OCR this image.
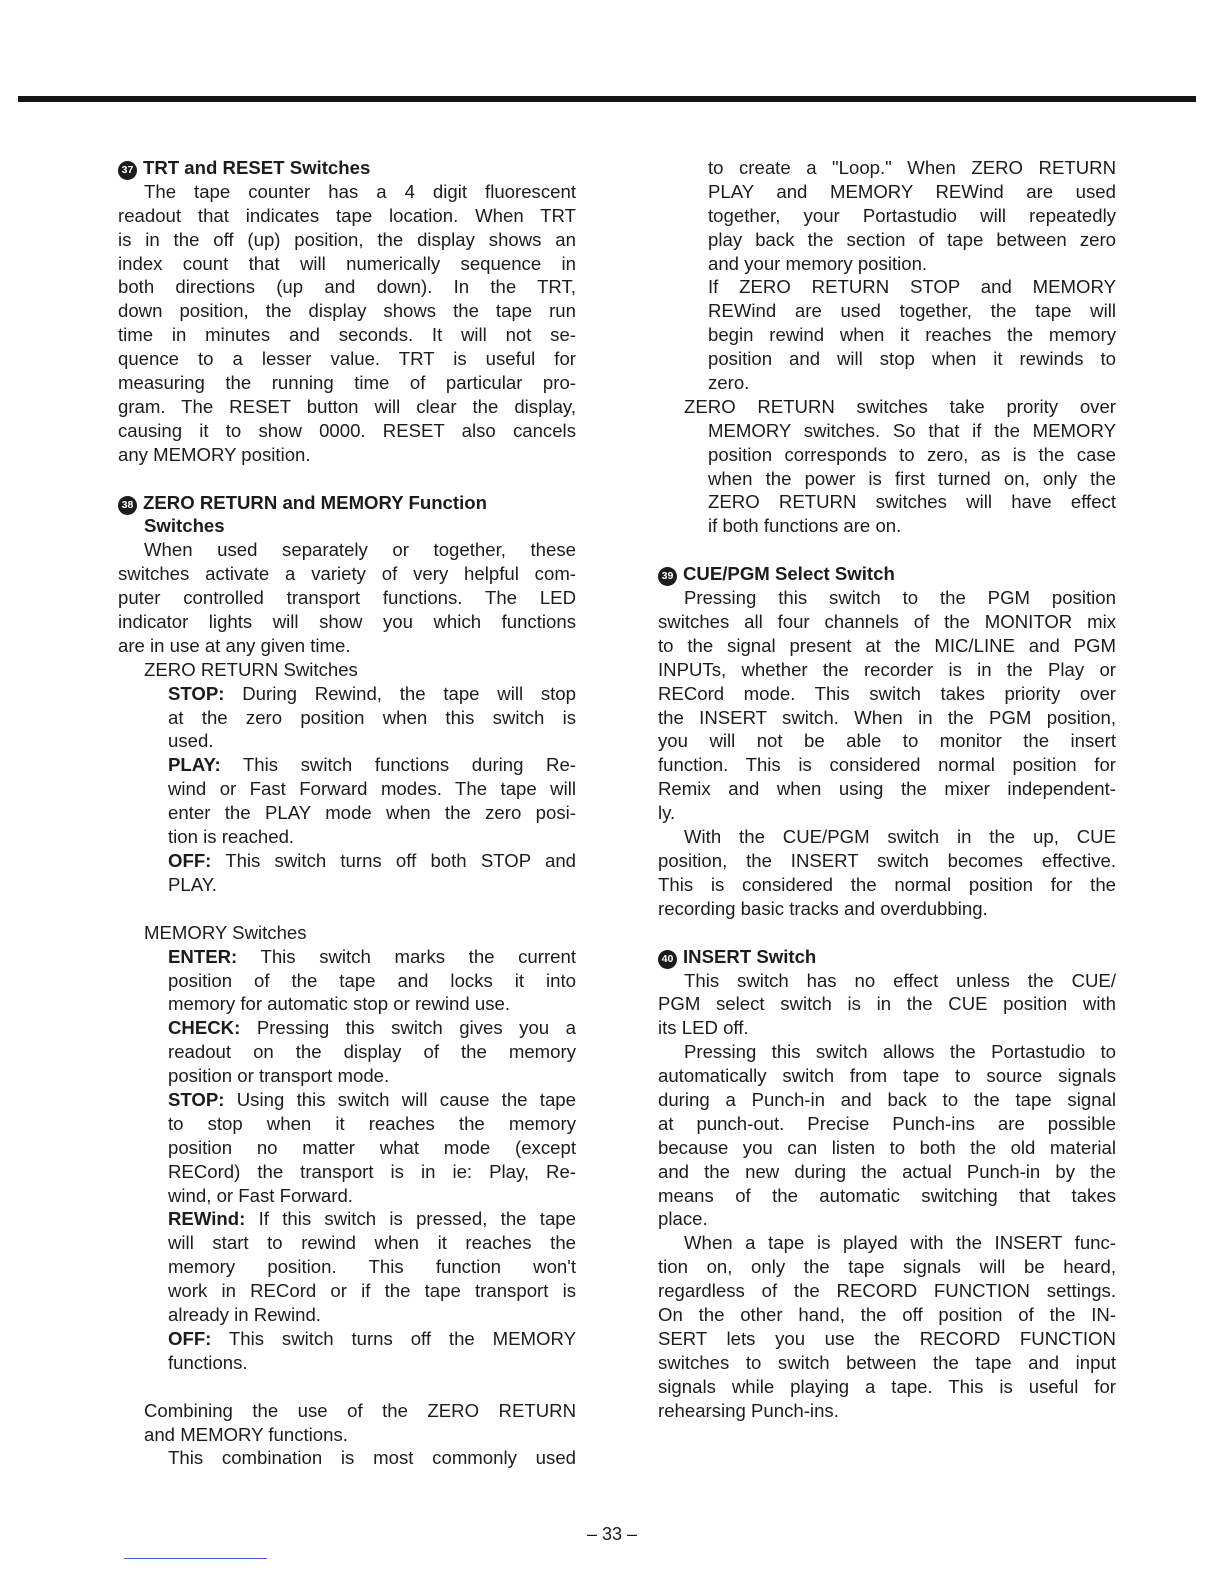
37 TRT and RESET Switches
The tape counter has a 4 digit fluorescent
readout that indicates tape location. When TRT
is in the off (up) position, the display shows an
index count that will numerically sequence in
both directions (up and down). In the TRT,
down position, the display shows the tape run
time in minutes and seconds. It will not se-
quence to a lesser value. TRT is useful for
measuring the running time of particular pro-
gram. The RESET button will clear the display,
causing it to show 0000. RESET also cancels
any MEMORY position.
38 ZERO RETURN and MEMORY Function
Switches
When used separately or together, these
switches activate a variety of very helpful com-
puter controlled transport functions. The LED
indicator lights will show you which functions
are in use at any given time.
ZERO RETURN Switches
STOP: During Rewind, the tape will stop
at the zero position when this switch is
used.
PLAY: This switch functions during Re-
wind or Fast Forward modes. The tape will
enter the PLAY mode when the zero posi-
tion is reached.
OFF: This switch turns off both STOP and
PLAY.
MEMORY Switches
ENTER: This switch marks the current
position of the tape and locks it into
memory for automatic stop or rewind use.
CHECK: Pressing this switch gives you a
readout on the display of the memory
position or transport mode.
STOP: Using this switch will cause the tape
to stop when it reaches the memory
position no matter what mode (except
RECord) the transport is in ie: Play, Re-
wind, or Fast Forward.
REWind: If this switch is pressed, the tape
will start to rewind when it reaches the
memory position. This function won't
work in RECord or if the tape transport is
already in Rewind.
OFF: This switch turns off the MEMORY
functions.
Combining the use of the ZERO RETURN
and MEMORY functions.
This combination is most commonly used
to create a "Loop." When ZERO RETURN
PLAY and MEMORY REWind are used
together, your Portastudio will repeatedly
play back the section of tape between zero
and your memory position.
If ZERO RETURN STOP and MEMORY
REWind are used together, the tape will
begin rewind when it reaches the memory
position and will stop when it rewinds to
zero.
ZERO RETURN switches take prority over
MEMORY switches. So that if the MEMORY
position corresponds to zero, as is the case
when the power is first turned on, only the
ZERO RETURN switches will have effect
if both functions are on.
39 CUE/PGM Select Switch
Pressing this switch to the PGM position
switches all four channels of the MONITOR mix
to the signal present at the MIC/LINE and PGM
INPUTs, whether the recorder is in the Play or
RECord mode. This switch takes priority over
the INSERT switch. When in the PGM position,
you will not be able to monitor the insert
function. This is considered normal position for
Remix and when using the mixer independent-
ly.
With the CUE/PGM switch in the up, CUE
position, the INSERT switch becomes effective.
This is considered the normal position for the
recording basic tracks and overdubbing.
40 INSERT Switch
This switch has no effect unless the CUE/
PGM select switch is in the CUE position with
its LED off.
Pressing this switch allows the Portastudio to
automatically switch from tape to source signals
during a Punch-in and back to the tape signal
at punch-out. Precise Punch-ins are possible
because you can listen to both the old material
and the new during the actual Punch-in by the
means of the automatic switching that takes
place.
When a tape is played with the INSERT func-
tion on, only the tape signals will be heard,
regardless of the RECORD FUNCTION settings.
On the other hand, the off position of the IN-
SERT lets you use the RECORD FUNCTION
switches to switch between the tape and input
signals while playing a tape. This is useful for
rehearsing Punch-ins.
– 33 –
